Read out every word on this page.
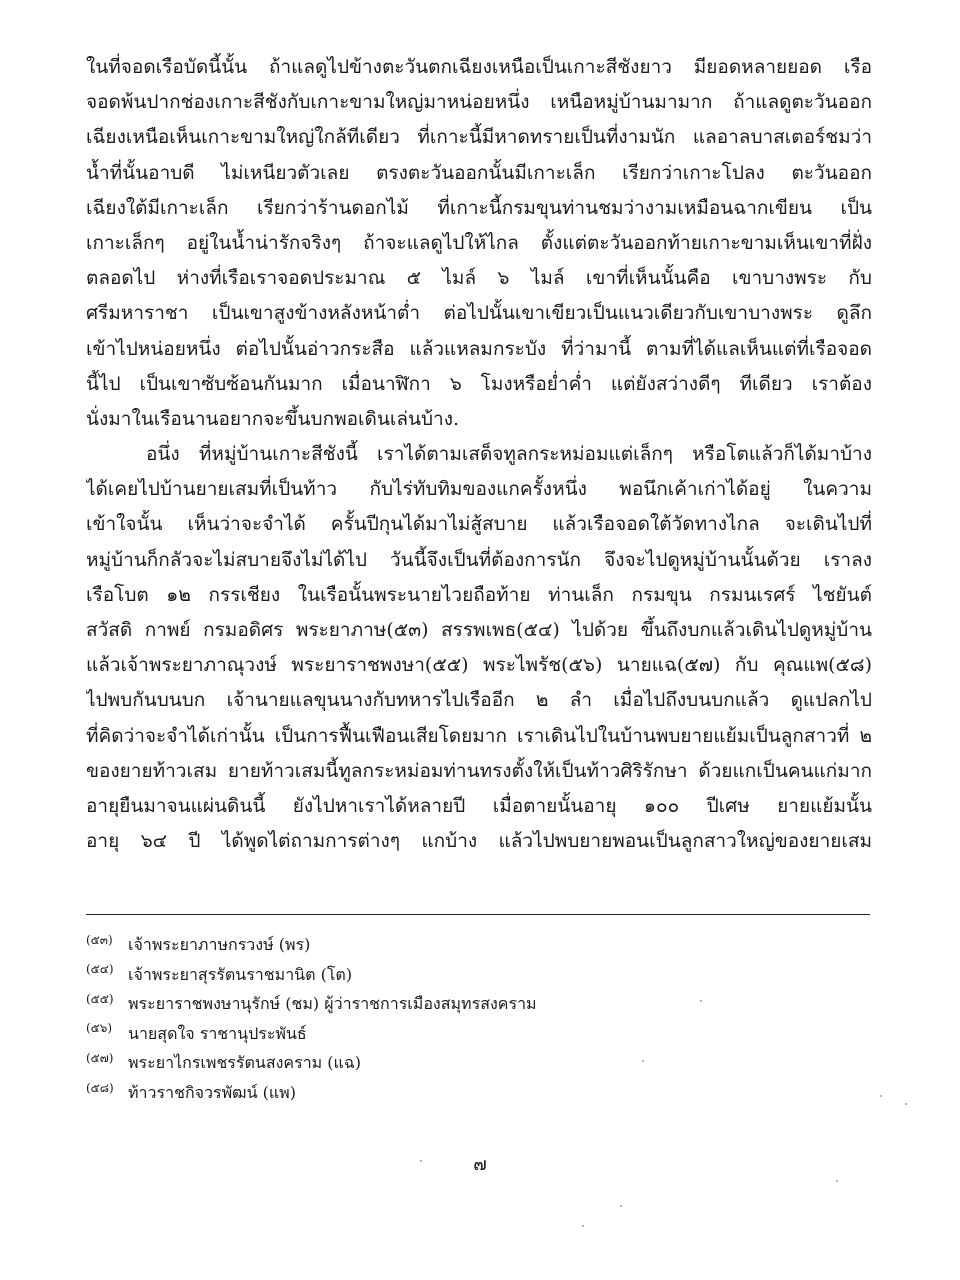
ในที่จอดเรือบัดนี้นั้น ถ้าแลดูไปข้างตะวันตกเฉียงเหนือเป็นเกาะสีชังยาว มียอดหลายยอด เรือ
จอดพ้นปากช่องเกาะสีชังกับเกาะขามใหญ่มาหน่อยหนึ่ง เหนือหมู่บ้านมามาก ถ้าแลดูตะวันออก
เฉียงเหนือเห็นเกาะขามใหญ่ใกล้ทีเดียว ที่เกาะนี้มีหาดทรายเป็นที่งามนัก แลอาลบาสเตอร์ชมว่า
น้ำที่นั้นอาบดี ไม่เหนียวตัวเลย ตรงตะวันออกนั้นมีเกาะเล็ก เรียกว่าเกาะโปลง ตะวันออก
เฉียงใต้มีเกาะเล็ก เรียกว่าร้านดอกไม้ ที่เกาะนี้กรมขุนท่านชมว่างามเหมือนฉากเขียน เป็น
เกาะเล็กๆ อยู่ในน้ำน่ารักจริงๆ ถ้าจะแลดูไปให้ไกล ตั้งแต่ตะวันออกท้ายเกาะขามเห็นเขาที่ฝั่ง
ตลอดไป ห่างที่เรือเราจอดประมาณ ๕ ไมล์ ๖ ไมล์ เขาที่เห็นนั้นคือ เขาบางพระ กับ
ศรีมหาราชา เป็นเขาสูงข้างหลังหน้าต่ำ ต่อไปนั้นเขาเขียวเป็นแนวเดียวกับเขาบางพระ ดูลึก
เข้าไปหน่อยหนึ่ง ต่อไปนั้นอ่าวกระสือ แล้วแหลมกระบัง ที่ว่ามานี้ ตามที่ได้แลเห็นแต่ที่เรือจอด
นี้ไป เป็นเขาซับซ้อนกันมาก เมื่อนาฬิกา ๖ โมงหรือย่ำค่ำ แต่ยังสว่างดีๆ ทีเดียว เราต้อง
นั่งมาในเรือนานอยากจะขึ้นบกพอเดินเล่นบ้าง.
อนึ่ง ที่หมู่บ้านเกาะสีชังนี้ เราได้ตามเสด็จทูลกระหม่อมแต่เล็กๆ หรือโตแล้วก็ได้มาบ้าง
ได้เคยไปบ้านยายเสมที่เป็นท้าว กับไร่ทับทิมของแกครั้งหนึ่ง พอนึกเค้าเก่าได้อยู่ ในความ
เข้าใจนั้น เห็นว่าจะจำได้ ครั้นปีกุนได้มาไม่สู้สบาย แล้วเรือจอดใต้วัดทางไกล จะเดินไปที่
หมู่บ้านก็กลัวจะไม่สบายจึงไม่ได้ไป วันนี้จึงเป็นที่ต้องการนัก จึงจะไปดูหมู่บ้านนั้นด้วย เราลง
เรือโบต ๑๒ กรรเชียง ในเรือนั้นพระนายไวยถือท้าย ท่านเล็ก กรมขุน กรมนเรศร์ ไชยันต์
สวัสดิ กาพย์ กรมอดิศร พระยาภาษ(๕๓) สรรพเพธ(๕๔) ไปด้วย ขึ้นถึงบกแล้วเดินไปดูหมู่บ้าน
แล้วเจ้าพระยาภาณุวงษ์ พระยาราชพงษา(๕๕) พระไพรัช(๕๖) นายแฉ(๕๗) กับ คุณแพ(๕๘)
ไปพบกันบนบก เจ้านายแลขุนนางกับทหารไปเรืออีก ๒ ลำ เมื่อไปถึงบนบกแล้ว ดูแปลกไป
ที่คิดว่าจะจำได้เก่านั้น เป็นการฟื้นเฟือนเสียโดยมาก เราเดินไปในบ้านพบยายแย้มเป็นลูกสาวที่ ๒
ของยายท้าวเสม ยายท้าวเสมนี้ทูลกระหม่อมท่านทรงตั้งให้เป็นท้าวศิริรักษา ด้วยแกเป็นคนแก่มาก
อายุยืนมาจนแผ่นดินนี้ ยังไปหาเราได้หลายปี เมื่อตายนั้นอายุ ๑๐๐ ปีเศษ ยายแย้มนั้น
อายุ ๖๔ ปี ได้พูดไต่ถามการต่างๆ แกบ้าง แล้วไปพบยายพอนเป็นลูกสาวใหญ่ของยายเสม
(๕๓) เจ้าพระยาภาษกรวงษ์ (พร)
(๕๔) เจ้าพระยาสุรรัตนราชมานิต (โต)
(๕๕) พระยาราชพงษานุรักษ์ (ชม) ผู้ว่าราชการเมืองสมุทรสงคราม
(๕๖) นายสุดใจ ราชานุประพันธ์
(๕๗) พระยาไกรเพชรรัตนสงคราม (แฉ)
(๕๘) ท้าวราชกิจวรพัฒน์ (แพ)
๗
